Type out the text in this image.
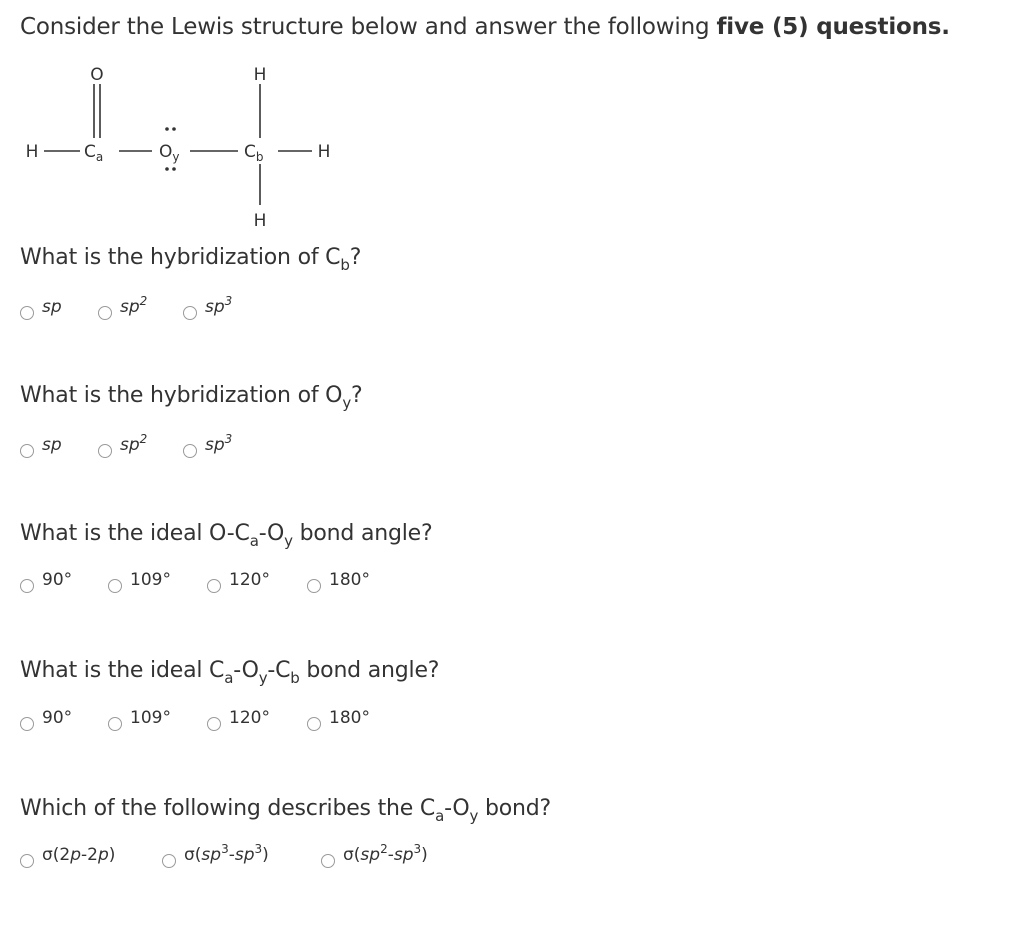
Consider the Lewis structure below and answer the following five (5) questions.
O
H	$C_a$	$O_y$	$C_b$	H
H
H
What is the hybridization of $C_b$?
sp	$sp^2$	$sp^3$
What is the hybridization of $O_y$?
sp	$sp^2$	$sp^3$
What is the ideal $O-C_a-O_y$ bond angle?
90°	109°	120°	180°
What is the ideal $C_a-O_y-C_b$ bond angle?
90°	109°	120°	180°
Which of the following describes the $C_a-O_y$ bond?
σ(2p-2p)	$\sigma(sp^3-sp^3)$	$\sigma(sp^2-sp^3)$
